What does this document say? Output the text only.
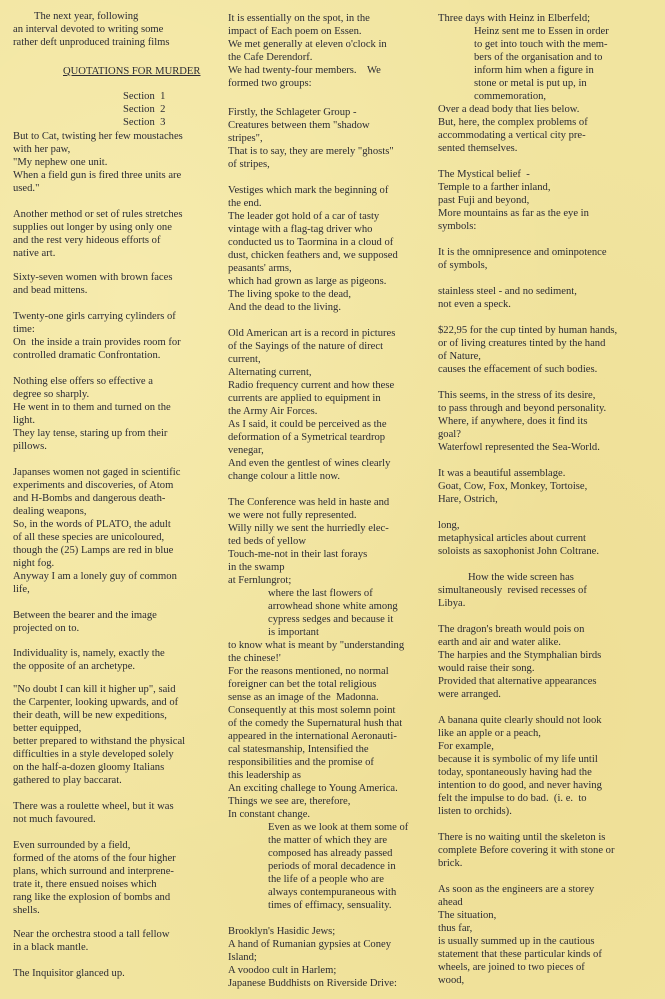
The next year, following
an interval devoted to writing some
rather deft unproduced training films
QUOTATIONS FOR MURDER
Section  1
Section  2
Section  3
But to Cat, twisting her few moustaches
with her paw,
"My nephew one unit.
When a field gun is fired three units are
used."
Another method or set of rules stretches
supplies out longer by using only one
and the rest very hideous efforts of
native art.
Sixty-seven women with brown faces
and bead mittens.
Twenty-one girls carrying cylinders of
time:
On  the inside a train provides room for
controlled dramatic Confrontation.
Nothing else offers so effective a
degree so sharply.
He went in to them and turned on the
light.
They lay tense, staring up from their
pillows.
Japanses women not gaged in scientific
experiments and discoveries, of Atom
and H-Bombs and dangerous death-
dealing weapons,
So, in the words of PLATO, the adult
of all these species are unicoloured,
though the (25) Lamps are red in blue
night fog.
Anyway I am a lonely guy of common
life,
Between the bearer and the image
projected on to.
Individuality is, namely, exactly the
the opposite of an archetype.
"No doubt I can kill it higher up", said
the Carpenter, looking upwards, and of
their death, will be new expeditions,
better equipped,
better prepared to withstand the physical
difficulties in a style developed solely
on the half-a-dozen gloomy Italians
gathered to play baccarat.
There was a roulette wheel, but it was
not much favoured.
Even surrounded by a field,
formed of the atoms of the four higher
plans, which surround and interprene-
trate it, there ensued noises which
rang like the explosion of bombs and
shells.
Near the orchestra stood a tall fellow
in a black mantle.
The Inquisitor glanced up.
It is essentially on the spot, in the
impact of Each poem on Essen.
We met generally at eleven o'clock in
the Cafe Derendorf.
We had twenty-four members.    We
formed two groups:
Firstly, the Schlageter Group -
Creatures between them "shadow
stripes",
That is to say, they are merely "ghosts"
of stripes,
Vestiges which mark the beginning of
the end.
The leader got hold of a car of tasty
vintage with a flag-tag driver who
conducted us to Taormina in a cloud of
dust, chicken feathers and, we supposed
peasants' arms,
which had grown as large as pigeons.
The living spoke to the dead,
And the dead to the living.
Old American art is a record in pictures
of the Sayings of the nature of direct
current,
Alternating current,
Radio frequency current and how these
currents are applied to equipment in
the Army Air Forces.
As I said, it could be perceived as the
deformation of a Symetrical teardrop
venegar,
And even the gentlest of wines clearly
change colour a little now.
The Conference was held in haste and
we were not fully represented.
Willy nilly we sent the hurriedly elec-
ted beds of yellow
Touch-me-not in their last forays
in the swamp
at Fernlungrot;
where the last flowers of
arrowhead shone white among
cypress sedges and because it
is important
to know what is meant by "understanding
the chinese!'
For the reasons mentioned, no normal
foreigner can bet the total religious
sense as an image of the  Madonna.
Consequently at this most solemn point
of the comedy the Supernatural hush that
appeared in the international Aeronauti-
cal statesmanship, Intensified the
responsibilities and the promise of
this leadership as
An exciting challege to Young America.
Things we see are, therefore,
In constant change.
Even as we look at them some of
the matter of which they are
composed has already passed
periods of moral decadence in
the life of a people who are
always contempuraneous with
times of effimacy, sensuality.
Brooklyn's Hasidic Jews;
A hand of Rumanian gypsies at Coney
Island;
A voodoo cult in Harlem;
Japanese Buddhists on Riverside Drive:
Three days with Heinz in Elberfeld;
Heinz sent me to Essen in order
to get into touch with the mem-
bers of the organisation and to
inform him when a figure in
stone or metal is put up, in
commemoration,
Over a dead body that lies below.
But, here, the complex problems of
accommodating a vertical city pre-
sented themselves.
The Mystical belief  -
Temple to a farther inland,
past Fuji and beyond,
More mountains as far as the eye in
symbols:
It is the omnipresence and ominpotence
of symbols,
stainless steel - and no sediment,
not even a speck.
$22,95 for the cup tinted by human hands,
or of living creatures tinted by the hand
of Nature,
causes the effacement of such bodies.
This seems, in the stress of its desire,
to pass through and beyond personality.
Where, if anywhere, does it find its
goal?
Waterfowl represented the Sea-World.
It was a beautiful assemblage.
Goat, Cow, Fox, Monkey, Tortoise,
Hare, Ostrich,
long,
metaphysical articles about current
soloists as saxophonist John Coltrane.
How the wide screen has
simultaneously  revised recesses of
Libya.
The dragon's breath would pois on
earth and air and water alike.
The harpies and the Stymphalian birds
would raise their song.
Provided that alternative appearances
were arranged.
A banana quite clearly should not look
like an apple or a peach,
For example,
because it is symbolic of my life until
today, spontaneously having had the
intention to do good, and never having
felt the impulse to do bad.  (i. e.  to
listen to orchids).
There is no waiting until the skeleton is
complete Before covering it with stone or
brick.
As soon as the engineers are a storey
ahead
The situation,
thus far,
is usually summed up in the cautious
statement that these particular kinds of
wheels, are joined to two pieces of
wood,
